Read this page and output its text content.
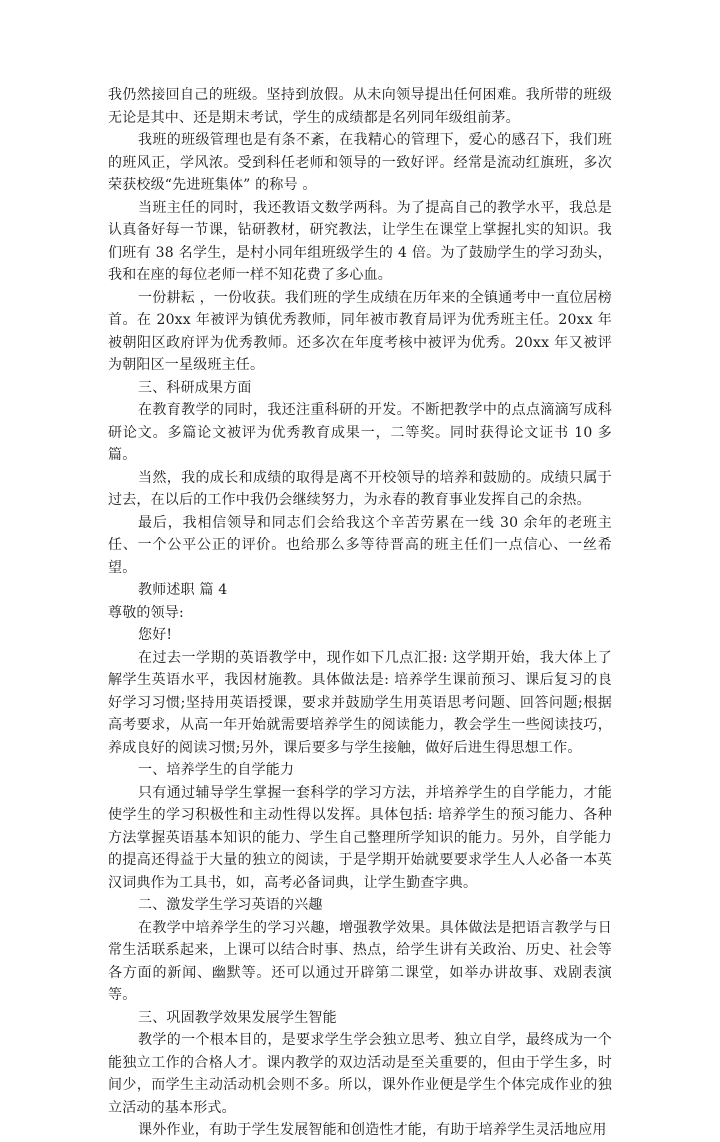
我仍然接回自己的班级。坚持到放假。从未向领导提出任何困难。我所带的班级无论是其中、还是期末考试，学生的成绩都是名列同年级组前茅。

我班的班级管理也是有条不紊，在我精心的管理下，爱心的感召下，我们班的班风正，学风浓。受到科任老师和领导的一致好评。经常是流动红旗班，多次荣获校级“先进班集体” 的称号 。

当班主任的同时，我还教语文数学两科。为了提高自己的教学水平，我总是认真备好每一节课，钻研教材，研究教法，让学生在课堂上掌握扎实的知识。我们班有 38 名学生，是村小同年组班级学生的 4 倍。为了鼓励学生的学习劲头，我和在座的每位老师一样不知花费了多心血。

一份耕耘 ，一份收获。我们班的学生成绩在历年来的全镇通考中一直位居榜首。在 20xx 年被评为镇优秀教师，同年被市教育局评为优秀班主任。20xx 年被朝阳区政府评为优秀教师。还多次在年度考核中被评为优秀。20xx 年又被评为朝阳区一星级班主任。

三、科研成果方面

在教育教学的同时，我还注重科研的开发。不断把教学中的点点滴滴写成科研论文。多篇论文被评为优秀教育成果一，二等奖。同时获得论文证书 10 多篇。

当然，我的成长和成绩的取得是离不开校领导的培养和鼓励的。成绩只属于过去，在以后的工作中我仍会继续努力，为永春的教育事业发挥自己的余热。

最后，我相信领导和同志们会给我这个辛苦劳累在一线 30 余年的老班主任、一个公平公正的评价。也给那么多等待晋高的班主任们一点信心、一丝希望。

教师述职 篇 4

尊敬的领导:

您好!

在过去一学期的英语教学中，现作如下几点汇报: 这学期开始，我大体上了解学生英语水平，我因材施教。具体做法是: 培养学生课前预习、课后复习的良好学习习惯;坚持用英语授课，要求并鼓励学生用英语思考问题、回答问题;根据高考要求，从高一年开始就需要培养学生的阅读能力，教会学生一些阅读技巧，养成良好的阅读习惯;另外，课后要多与学生接触，做好后进生得思想工作。

一、培养学生的自学能力

只有通过辅导学生掌握一套科学的学习方法，并培养学生的自学能力，才能使学生的学习积极性和主动性得以发挥。具体包括: 培养学生的预习能力、各种方法掌握英语基本知识的能力、学生自己整理所学知识的能力。另外，自学能力的提高还得益于大量的独立的阅读，于是学期开始就要要求学生人人必备一本英汉词典作为工具书，如，高考必备词典，让学生勤查字典。

二、激发学生学习英语的兴趣

在教学中培养学生的学习兴趣，增强教学效果。具体做法是把语言教学与日常生活联系起来，上课可以结合时事、热点，给学生讲有关政治、历史、社会等各方面的新闻、幽默等。还可以通过开辟第二课堂，如举办讲故事、戏剧表演等。

三、巩固教学效果发展学生智能

教学的一个根本目的，是要求学生学会独立思考、独立自学，最终成为一个能独立工作的合格人才。课内教学的双边活动是至关重要的，但由于学生多，时间少，而学生主动活动机会则不多。所以，课外作业便是学生个体完成作业的独立活动的基本形式。

课外作业，有助于学生发展智能和创造性才能，有助于培养学生灵活地应用
